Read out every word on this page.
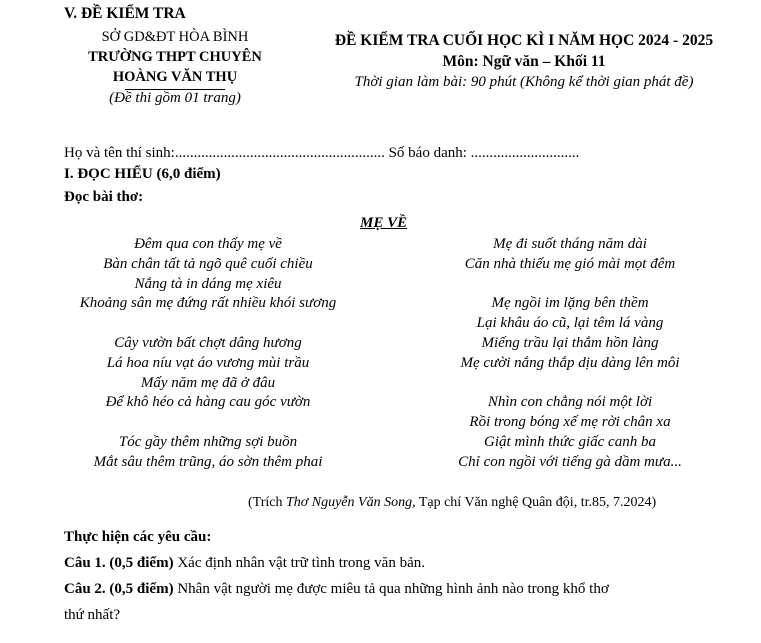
V. ĐỀ KIỂM TRA
SỞ GD&ĐT HÒA BÌNH
TRƯỜNG THPT CHUYÊN
HOÀNG VĂN THỤ
(Đề thi gồm 01 trang)
ĐỀ KIỂM TRA CUỐI HỌC KÌ I NĂM HỌC 2024 - 2025
Môn: Ngữ văn – Khối 11
Thời gian làm bài: 90 phút (Không kể thời gian phát đề)
Họ và tên thí sinh:........................................................ Số báo danh: .............................
I. ĐỌC HIỂU (6,0 điểm)
Đọc bài thơ:
MẸ VỀ
Đêm qua con thấy mẹ về
Bàn chân tất tả ngõ quê cuối chiều
Nắng tà in dáng mẹ xiêu
Khoảng sân mẹ đứng rất nhiều khói sương
Cây vườn bất chợt dâng hương
Lá hoa níu vạt áo vương mùi trầu
Mấy năm mẹ đã ở đâu
Để khô héo cả hàng cau góc vườn
Tóc gầy thêm những sợi buồn
Mắt sâu thêm trũng, áo sờn thêm phai
Mẹ đi suốt tháng năm dài
Căn nhà thiếu mẹ gió mài mọt đêm
Mẹ ngồi im lặng bên thềm
Lại khâu áo cũ, lại têm lá vàng
Miếng trầu lại thắm hồn làng
Mẹ cười nắng thắp dịu dàng lên môi
Nhìn con chẳng nói một lời
Rồi trong bóng xế mẹ rời chân xa
Giật mình thức giấc canh ba
Chỉ con ngồi với tiếng gà dầm mưa...
(Trích Thơ Nguyễn Văn Song, Tạp chí Văn nghệ Quân đội, tr.85, 7.2024)
Thực hiện các yêu cầu:
Câu 1. (0,5 điểm) Xác định nhân vật trữ tình trong văn bản.
Câu 2. (0,5 điểm) Nhân vật người mẹ được miêu tả qua những hình ảnh nào trong khổ thơ
thứ nhất?
